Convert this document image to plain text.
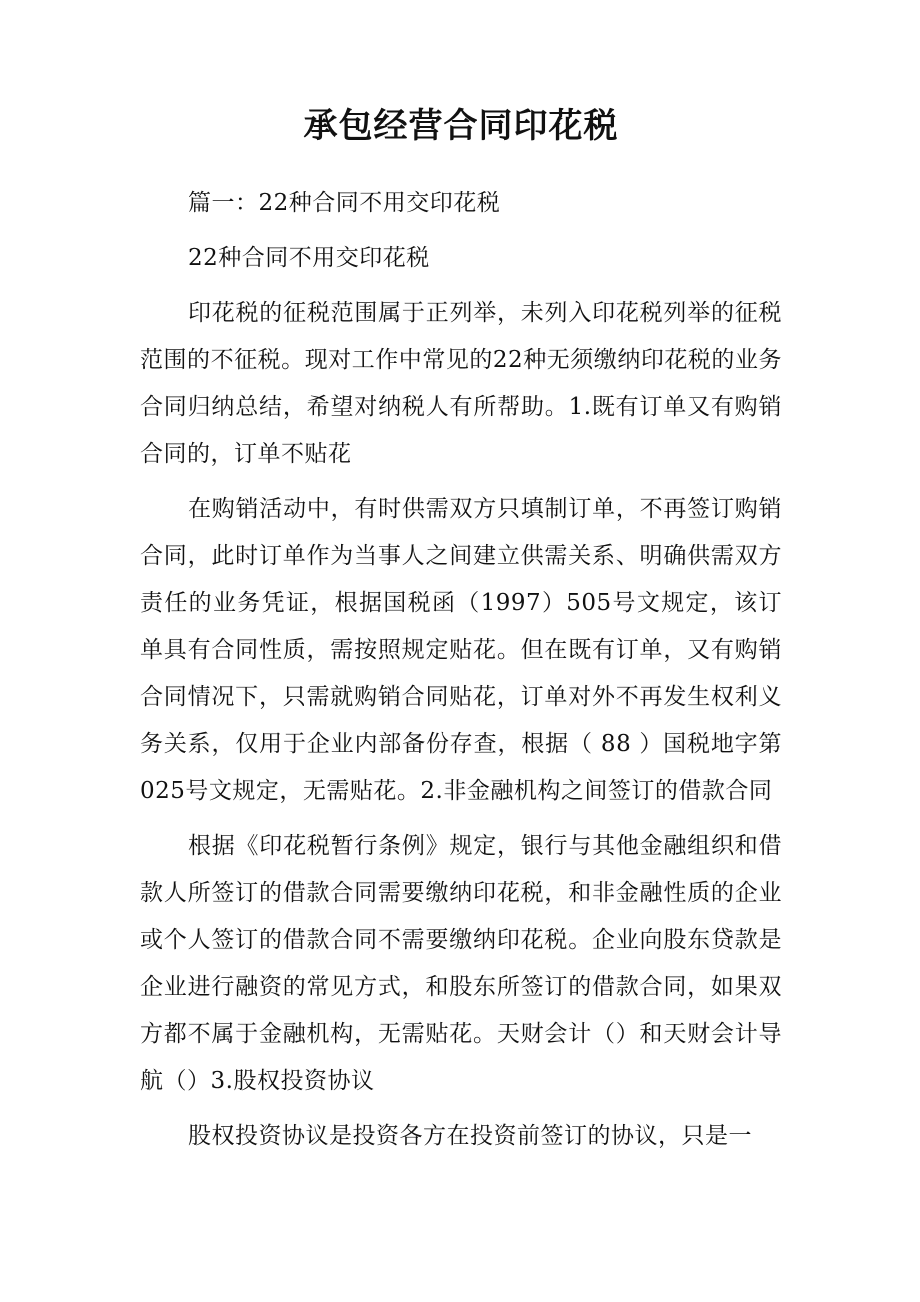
承包经营合同印花税

篇一：22种合同不用交印花税

22种合同不用交印花税

印花税的征税范围属于正列举，未列入印花税列举的征税范围的不征税。现对工作中常见的22种无须缴纳印花税的业务合同归纳总结，希望对纳税人有所帮助。1.既有订单又有购销合同的，订单不贴花

在购销活动中，有时供需双方只填制订单，不再签订购销合同，此时订单作为当事人之间建立供需关系、明确供需双方责任的业务凭证，根据国税函（1997）505号文规定，该订单具有合同性质，需按照规定贴花。但在既有订单，又有购销合同情况下，只需就购销合同贴花，订单对外不再发生权利义务关系，仅用于企业内部备份存查，根据（ 88 ）国税地字第025号文规定，无需贴花。2.非金融机构之间签订的借款合同

根据《印花税暂行条例》规定，银行与其他金融组织和借款人所签订的借款合同需要缴纳印花税，和非金融性质的企业或个人签订的借款合同不需要缴纳印花税。企业向股东贷款是企业进行融资的常见方式，和股东所签订的借款合同，如果双方都不属于金融机构，无需贴花。天财会计（）和天财会计导航（）3.股权投资协议

股权投资协议是投资各方在投资前签订的协议，只是一
